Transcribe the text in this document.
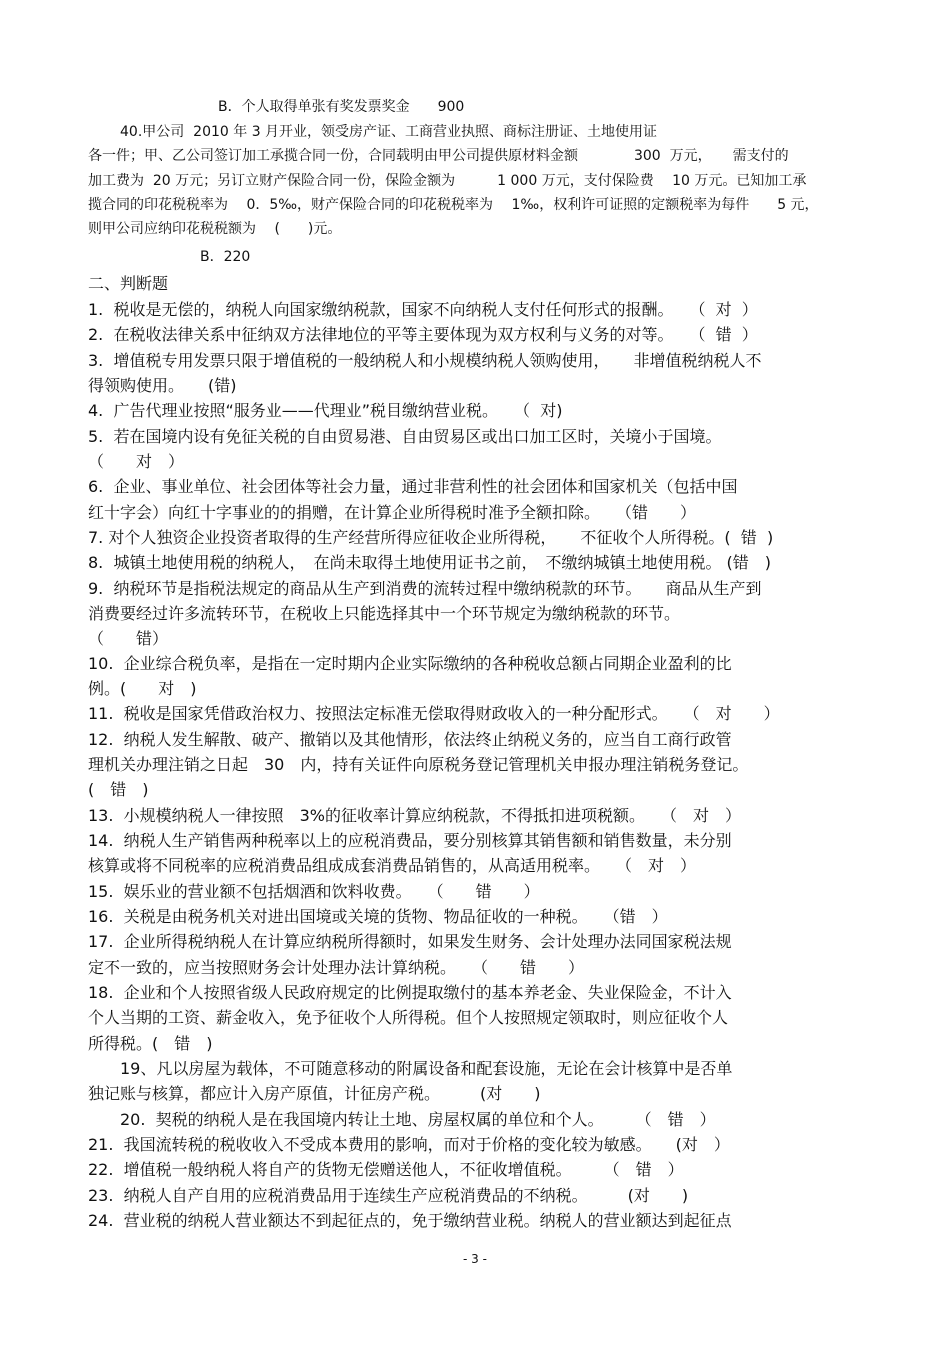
B．个人取得单张有奖发票奖金　　900
40.甲公司  2010 年 3 月开业，领受房产证、工商营业执照、商标注册证、土地使用证
各一件；甲、乙公司签订加工承揽合同一份，合同载明由甲公司提供原材料金额　　　　300  万元，　　需支付的
加工费为  20 万元；另订立财产保险合同一份，保险金额为　　　1 000 万元，支付保险费　 10 万元。已知加工承
揽合同的印花税税率为　 0．5‰，财产保险合同的印花税税率为　 1‰，权利许可证照的定额税率为每件　　5 元，
则甲公司应纳印花税税额为　 (　　)元。
B．220
二、判断题
1.  税收是无偿的，纳税人向国家缴纳税款，国家不向纳税人支付任何形式的报酬。　　（  对  ）
2.  在税收法律关系中征纳双方法律地位的平等主要体现为双方权利与义务的对等。　　（  错  ）
3.  增值税专用发票只限于增值税的一般纳税人和小规模纳税人领购使用，　　非增值税纳税人不
得领购使用。　　(错)
4.  广告代理业按照“服务业——代理业”税目缴纳营业税。　　（  对)
5.  若在国境内设有免征关税的自由贸易港、自由贸易区或出口加工区时，关境小于国境。
（　　对　）
6.  企业、事业单位、社会团体等社会力量，通过非营利性的社会团体和国家机关（包括中国
红十字会）向红十字事业的的捐赠，在计算企业所得税时准予全额扣除。　　（错　　）
7. 对个人独资企业投资者取得的生产经营所得应征收企业所得税，　　不征收个人所得税。(  错  )
8.  城镇土地使用税的纳税人，　在尚未取得土地使用证书之前，　不缴纳城镇土地使用税。 (错　)
9.  纳税环节是指税法规定的商品从生产到消费的流转过程中缴纳税款的环节。　　商品从生产到
消费要经过许多流转环节，在税收上只能选择其中一个环节规定为缴纳税款的环节。
（　　错）
10.  企业综合税负率，是指在一定时期内企业实际缴纳的各种税收总额占同期企业盈利的比
例。(　　对　)
11.  税收是国家凭借政治权力、按照法定标准无偿取得财政收入的一种分配形式。　　（　对　　）
12.  纳税人发生解散、破产、撤销以及其他情形，依法终止纳税义务的，应当自工商行政管
理机关办理注销之日起　30　内，持有关证件向原税务登记管理机关申报办理注销税务登记。
(　错　)
13.  小规模纳税人一律按照　3%的征收率计算应纳税款，不得抵扣进项税额。　　（　对　）
14.  纳税人生产销售两种税率以上的应税消费品，要分别核算其销售额和销售数量，未分别
核算或将不同税率的应税消费品组成成套消费品销售的，从高适用税率。　　（　对　）
15.  娱乐业的营业额不包括烟酒和饮料收费。　　（　　错　　）
16.  关税是由税务机关对进出国境或关境的货物、物品征收的一种税。　　（错　）
17.  企业所得税纳税人在计算应纳税所得额时，如果发生财务、会计处理办法同国家税法规
定不一致的，应当按照财务会计处理办法计算纳税。　　（　　错　　）
18.  企业和个人按照省级人民政府规定的比例提取缴付的基本养老金、失业保险金，不计入
个人当期的工资、薪金收入，免予征收个人所得税。但个人按照规定领取时，则应征收个人
所得税。(　错　)
19、凡以房屋为载体，不可随意移动的附属设备和配套设施，无论在会计核算中是否单
独记账与核算，都应计入房产原值，计征房产税。　　　(对　　)
20.  契税的纳税人是在我国境内转让土地、房屋权属的单位和个人。　　　（　错　）
21.  我国流转税的税收收入不受成本费用的影响，而对于价格的变化较为敏感。　　(对　）
22.  增值税一般纳税人将自产的货物无偿赠送他人，不征收增值税。　　　（　错　）
23.  纳税人自产自用的应税消费品用于连续生产应税消费品的不纳税。　　　(对　　)
24.  营业税的纳税人营业额达不到起征点的，免于缴纳营业税。纳税人的营业额达到起征点
- 3 -
